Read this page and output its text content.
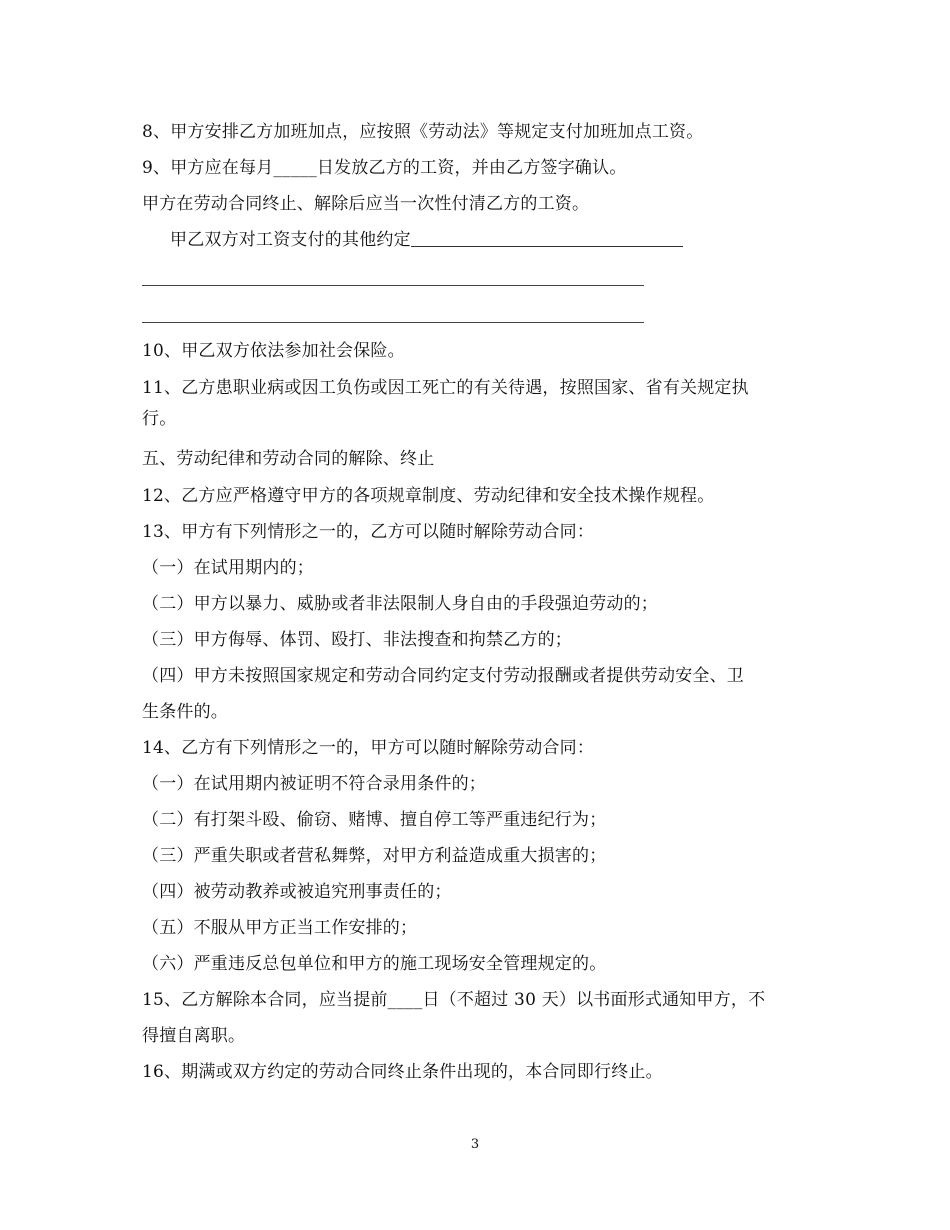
8、甲方安排乙方加班加点，应按照《劳动法》等规定支付加班加点工资。
9、甲方应在每月_____日发放乙方的工资，并由乙方签字确认。
甲方在劳动合同终止、解除后应当一次性付清乙方的工资。
甲乙双方对工资支付的其他约定
10、甲乙双方依法参加社会保险。
11、乙方患职业病或因工负伤或因工死亡的有关待遇，按照国家、省有关规定执
行。
五、劳动纪律和劳动合同的解除、终止
12、乙方应严格遵守甲方的各项规章制度、劳动纪律和安全技术操作规程。
13、甲方有下列情形之一的，乙方可以随时解除劳动合同：
（一）在试用期内的；
（二）甲方以暴力、威胁或者非法限制人身自由的手段强迫劳动的；
（三）甲方侮辱、体罚、殴打、非法搜查和拘禁乙方的；
（四）甲方未按照国家规定和劳动合同约定支付劳动报酬或者提供劳动安全、卫
生条件的。
14、乙方有下列情形之一的，甲方可以随时解除劳动合同：
（一）在试用期内被证明不符合录用条件的；
（二）有打架斗殴、偷窃、赌博、擅自停工等严重违纪行为；
（三）严重失职或者营私舞弊，对甲方利益造成重大损害的；
（四）被劳动教养或被追究刑事责任的；
（五）不服从甲方正当工作安排的；
（六）严重违反总包单位和甲方的施工现场安全管理规定的。
15、乙方解除本合同，应当提前____日（不超过 30 天）以书面形式通知甲方，不
得擅自离职。
16、期满或双方约定的劳动合同终止条件出现的，本合同即行终止。
3
